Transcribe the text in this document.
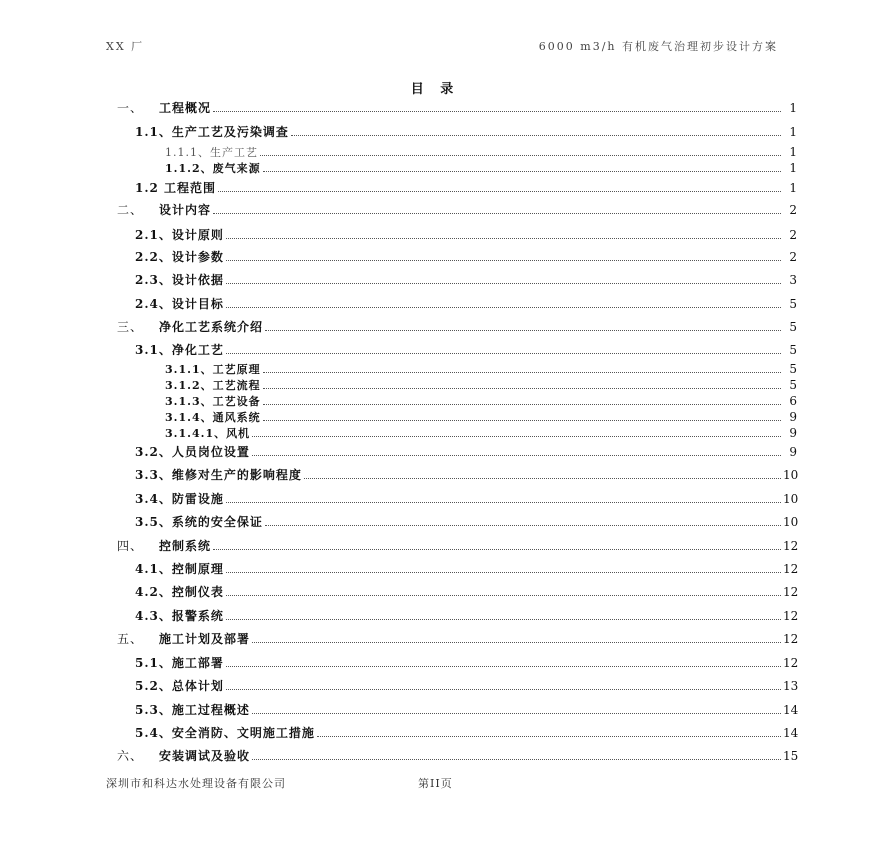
XX 厂	6000 m3/h 有机废气治理初步设计方案
目 录
一、 工程概况	1
1.1、生产工艺及污染调查	1
1.1.1、生产工艺	1
1.1.2、废气来源	1
1.2 工程范围	1
二、 设计内容	2
2.1、设计原则	2
2.2、设计参数	2
2.3、设计依据	3
2.4、设计目标	5
三、 净化工艺系统介绍	5
3.1、净化工艺	5
3.1.1、工艺原理	5
3.1.2、工艺流程	5
3.1.3、工艺设备	6
3.1.4、通风系统	9
3.1.4.1、风机	9
3.2、人员岗位设置	9
3.3、维修对生产的影响程度	10
3.4、防雷设施	10
3.5、系统的安全保证	10
四、 控制系统	12
4.1、控制原理	12
4.2、控制仪表	12
4.3、报警系统	12
五、 施工计划及部署	12
5.1、施工部署	12
5.2、总体计划	13
5.3、施工过程概述	14
5.4、安全消防、文明施工措施	14
六、 安装调试及验收	15
深圳市和科达水处理设备有限公司	第II页
